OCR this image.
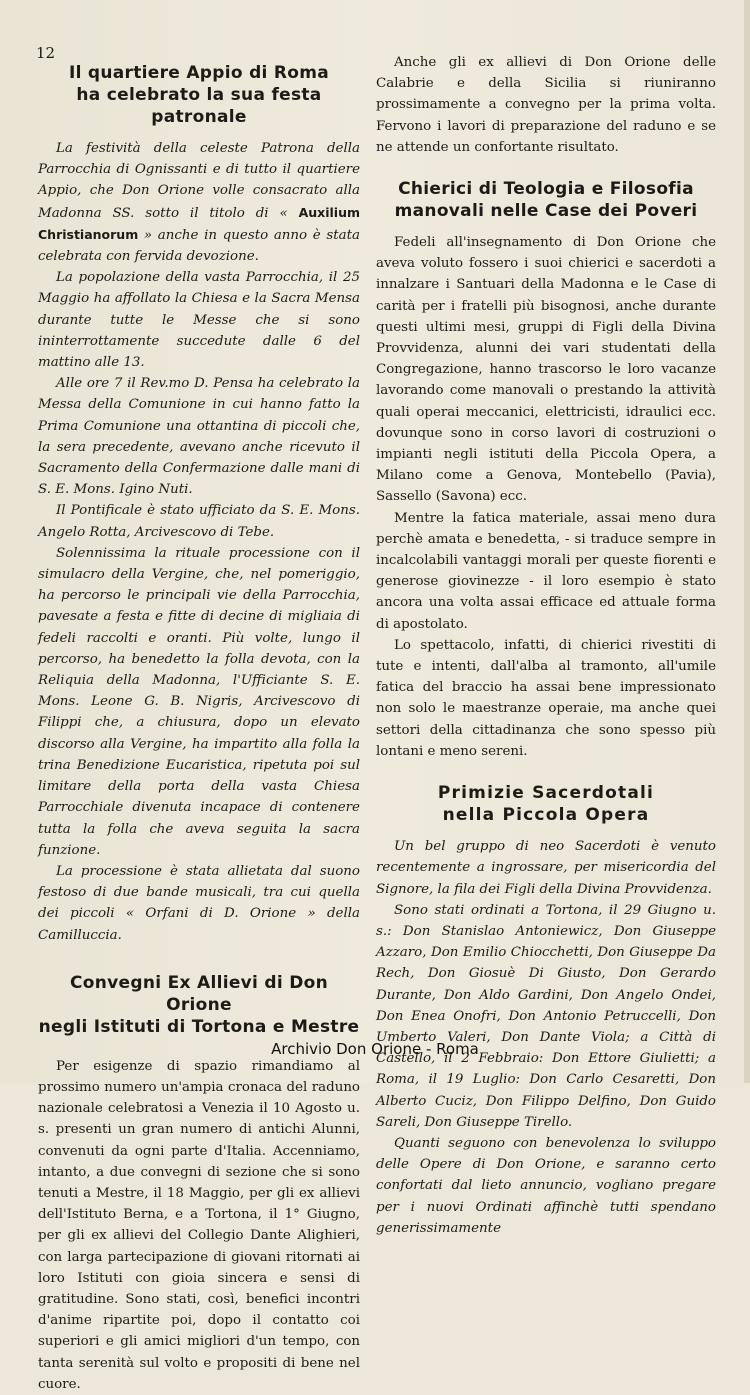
12
Il quartiere Appio di Roma
ha celebrato la sua festa patronale

La festività della celeste Patrona della Parrocchia di Ognissanti e di tutto il quartiere Appio, che Don Orione volle consacrato alla Madonna SS. sotto il titolo di « Auxilium Christianorum » anche in questo anno è stata celebrata con fervida devozione.

La popolazione della vasta Parrocchia, il 25 Maggio ha affollato la Chiesa e la Sacra Mensa durante tutte le Messe che si sono ininterrottamente succedute dalle 6 del mattino alle 13.

Alle ore 7 il Rev.mo D. Pensa ha celebrato la Messa della Comunione in cui hanno fatto la Prima Comunione una ottantina di piccoli che, la sera precedente, avevano anche ricevuto il Sacramento della Confermazione dalle mani di S. E. Mons. Igino Nuti.

Il Pontificale è stato ufficiato da S. E. Mons. Angelo Rotta, Arcivescovo di Tebe.

Solennissima la rituale processione con il simulacro della Vergine, che, nel pomeriggio, ha percorso le principali vie della Parrocchia, pavesate a festa e fitte di decine di migliaia di fedeli raccolti e oranti. Più volte, lungo il percorso, ha benedetto la folla devota, con la Reliquia della Madonna, l'Ufficiante S. E. Mons. Leone G. B. Nigris, Arcivescovo di Filippi che, a chiusura, dopo un elevato discorso alla Vergine, ha impartito alla folla la trina Benedizione Eucaristica, ripetuta poi sul limitare della porta della vasta Chiesa Parrocchiale divenuta incapace di contenere tutta la folla che aveva seguita la sacra funzione.

La processione è stata allietata dal suono festoso di due bande musicali, tra cui quella dei piccoli « Orfani di D. Orione » della Camilluccia.

Convegni Ex Allievi di Don Orione
negli Istituti di Tortona e Mestre

Per esigenze di spazio rimandiamo al prossimo numero un'ampia cronaca del raduno nazionale celebratosi a Venezia il 10 Agosto u. s. presenti un gran numero di antichi Alunni, convenuti da ogni parte d'Italia. Accenniamo, intanto, a due convegni di sezione che si sono tenuti a Mestre, il 18 Maggio, per gli ex allievi dell'Istituto Berna, e a Tortona, il 1° Giugno, per gli ex allievi del Collegio Dante Alighieri, con larga partecipazione di giovani ritornati ai loro Istituti con gioia sincera e sensi di gratitudine. Sono stati, così, benefici incontri d'anime ripartite poi, dopo il contatto coi superiori e gli amici migliori d'un tempo, con tanta serenità sul volto e propositi di bene nel cuore.

Anche gli ex allievi di Don Orione delle Calabrie e della Sicilia si riuniranno prossimamente a convegno per la prima volta. Fervono i lavori di preparazione del raduno e se ne attende un confortante risultato.

Chierici di Teologia e Filosofia
manovali nelle Case dei Poveri

Fedeli all'insegnamento di Don Orione che aveva voluto fossero i suoi chierici e sacerdoti a innalzare i Santuari della Madonna e le Case di carità per i fratelli più bisognosi, anche durante questi ultimi mesi, gruppi di Figli della Divina Provvidenza, alunni dei vari studentati della Congregazione, hanno trascorso le loro vacanze lavorando come manovali o prestando la attività quali operai meccanici, elettricisti, idraulici ecc. dovunque sono in corso lavori di costruzioni o impianti negli istituti della Piccola Opera, a Milano come a Genova, Montebello (Pavia), Sassello (Savona) ecc.

Mentre la fatica materiale, assai meno dura perchè amata e benedetta, - si traduce sempre in incalcolabili vantaggi morali per queste fiorenti e generose giovinezze - il loro esempio è stato ancora una volta assai efficace ed attuale forma di apostolato.

Lo spettacolo, infatti, di chierici rivestiti di tute e intenti, dall'alba al tramonto, all'umile fatica del braccio ha assai bene impressionato non solo le maestranze operaie, ma anche quei settori della cittadinanza che sono spesso più lontani e meno sereni.

Primizie Sacerdotali
nella Piccola Opera

Un bel gruppo di neo Sacerdoti è venuto recentemente a ingrossare, per misericordia del Signore, la fila dei Figli della Divina Provvidenza.

Sono stati ordinati a Tortona, il 29 Giugno u. s.: Don Stanislao Antoniewicz, Don Giuseppe Azzaro, Don Emilio Chiocchetti, Don Giuseppe Da Rech, Don Giosuè Di Giusto, Don Gerardo Durante, Don Aldo Gardini, Don Angelo Ondei, Don Enea Onofri, Don Antonio Petruccelli, Don Umberto Valeri, Don Dante Viola; a Città di Castello, il 2 Febbraio: Don Ettore Giulietti; a Roma, il 19 Luglio: Don Carlo Cesaretti, Don Alberto Cuciz, Don Filippo Delfino, Don Guido Sareli, Don Giuseppe Tirello.

Quanti seguono con benevolenza lo sviluppo delle Opere di Don Orione, e saranno certo confortati dal lieto annuncio, vogliano pregare per i nuovi Ordinati affinchè tutti spendano generissimamente

Archivio Don Orione - Roma
